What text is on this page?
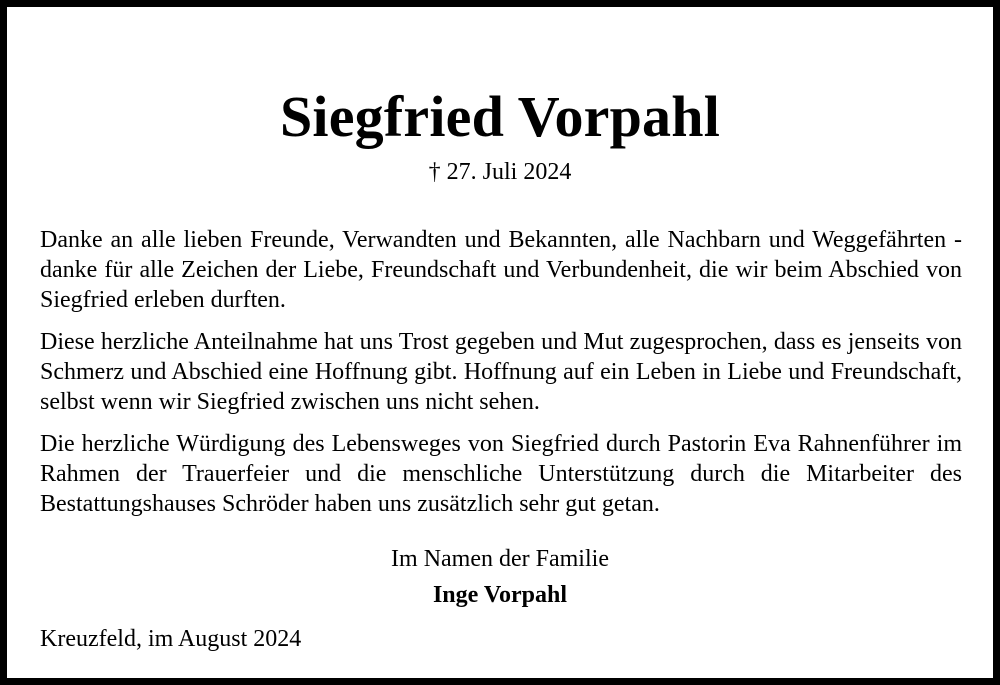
Siegfried Vorpahl
† 27. Juli 2024

Danke an alle lieben Freunde, Verwandten und Bekannten, alle Nachbarn und Weggefährten - danke für alle Zeichen der Liebe, Freundschaft und Verbundenheit, die wir beim Abschied von Siegfried erleben durften.

Diese herzliche Anteilnahme hat uns Trost gegeben und Mut zugesprochen, dass es jenseits von Schmerz und Abschied eine Hoffnung gibt. Hoffnung auf ein Leben in Liebe und Freundschaft, selbst wenn wir Siegfried zwischen uns nicht sehen.

Die herzliche Würdigung des Lebensweges von Siegfried durch Pastorin Eva Rahnenführer im Rahmen der Trauerfeier und die menschliche Unterstützung durch die Mitarbeiter des Bestattungshauses Schröder haben uns zusätzlich sehr gut getan.

Im Namen der Familie
Inge Vorpahl
Kreuzfeld, im August 2024
